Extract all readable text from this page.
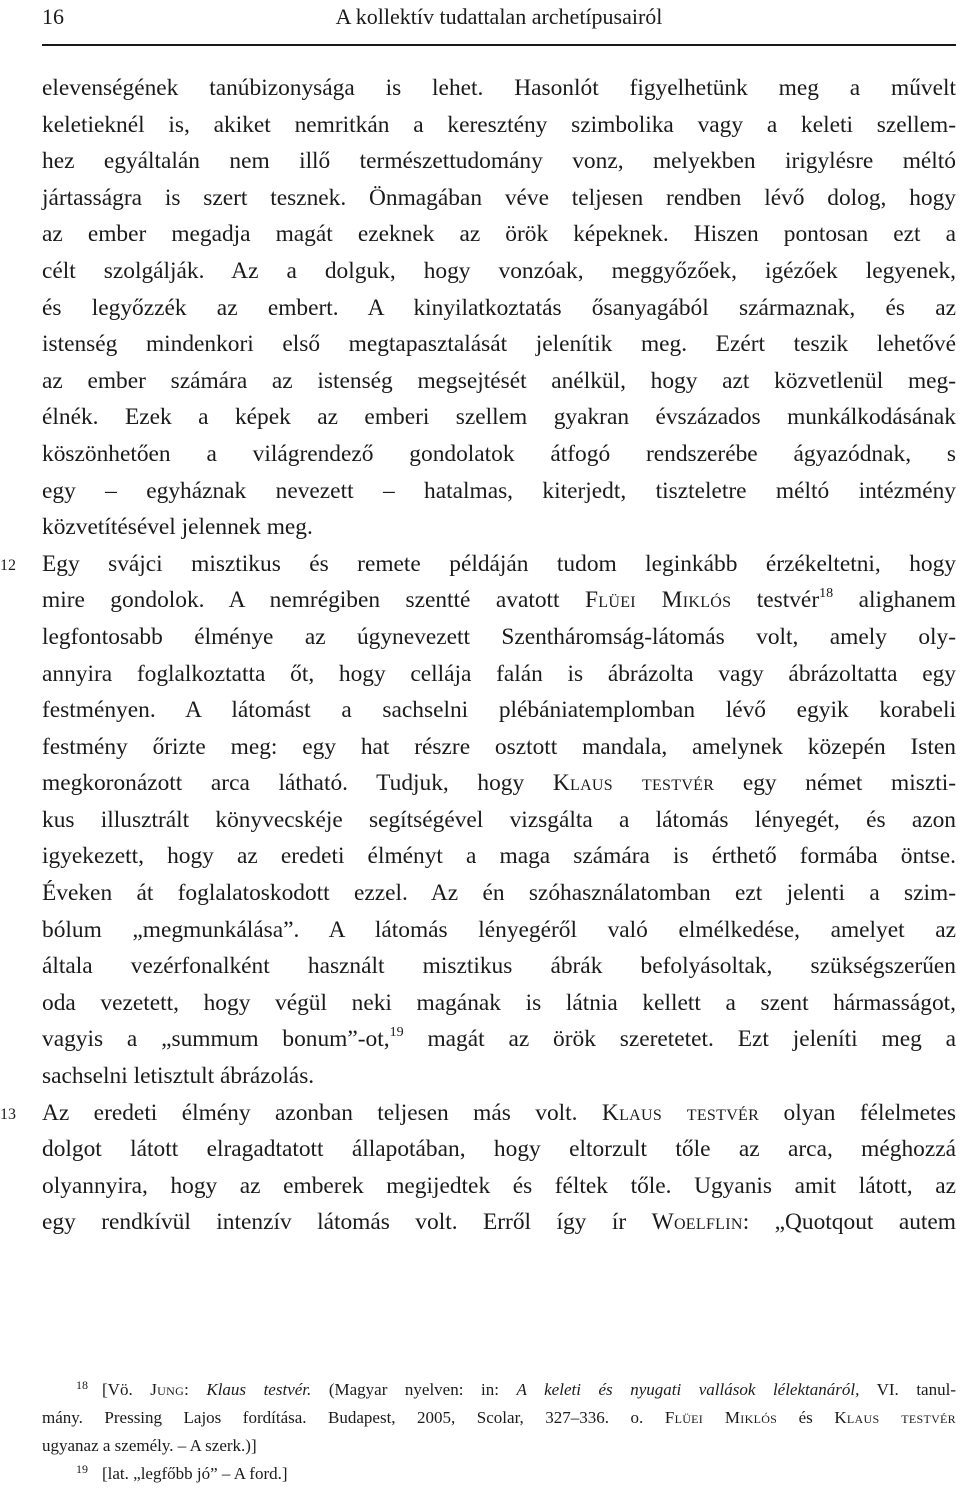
16	A kollektív tudattalan archetípusairól
elevenségének tanúbizonysága is lehet. Hasonlót figyelhetünk meg a művelt
keletieknél is, akiket nemritkán a keresztény szimbolika vagy a keleti szellem-
hez egyáltalán nem illő természettudomány vonz, melyekben irigylésre méltó
jártasságra is szert tesznek. Önmagában véve teljesen rendben lévő dolog, hogy
az ember megadja magát ezeknek az örök képeknek. Hiszen pontosan ezt a
célt szolgálják. Az a dolguk, hogy vonzóak, meggyőzőek, igézőek legyenek,
és legyőzzék az embert. A kinyilatkoztatás ősanyagából származnak, és az
istenség mindenkori első megtapasztalását jelenítik meg. Ezért teszik lehetővé
az ember számára az istenség megsejtését anélkül, hogy azt közvetlenül meg-
élnék. Ezek a képek az emberi szellem gyakran évszázados munkálkodásának
köszönhetően a világrendező gondolatok átfogó rendszerébe ágyazódnak, s
egy – egyháznak nevezett – hatalmas, kiterjedt, tiszteletre méltó intézmény
közvetítésével jelennek meg.
12	Egy svájci misztikus és remete példáján tudom leginkább érzékeltetni, hogy
mire gondolok. A nemrégiben szentté avatott Flüei Miklós testvér$^{18}$ alighanem
legfontosabb élménye az úgynevezett Szentháromság-látomás volt, amely oly-
annyira foglalkoztatta őt, hogy cellája falán is ábrázolta vagy ábrázoltatta egy
festményen. A látomást a sachselni plébániatemplomban lévő egyik korabeli
festmény őrizte meg: egy hat részre osztott mandala, amelynek közepén Isten
megkoronázott arca látható. Tudjuk, hogy Klaus testvér egy német miszti-
kus illusztrált könyvecskéje segítségével vizsgálta a látomás lényegét, és azon
igyekezett, hogy az eredeti élményt a maga számára is érthető formába öntse.
Éveken át foglalatoskodott ezzel. Az én szóhasználatomban ezt jelenti a szim-
bólum „megmunkálása”. A látomás lényegéről való elmélkedése, amelyet az
általa vezérfonalként használt misztikus ábrák befolyásoltak, szükségszerűen
oda vezetett, hogy végül neki magának is látnia kellett a szent hármasságot,
vagyis a „summum bonum”-ot,$^{19}$ magát az örök szeretetet. Ezt jeleníti meg a
sachselni letisztult ábrázolás.
13	Az eredeti élmény azonban teljesen más volt. Klaus testvér olyan félelmetes
dolgot látott elragadtatott állapotában, hogy eltorzult tőle az arca, méghozzá
olyannyira, hogy az emberek megijedtek és féltek tőle. Ugyanis amit látott, az
egy rendkívül intenzív látomás volt. Erről így ír Woelflin: „Quotqout autem
$^{18}$ [Vö. Jung: Klaus testvér. (Magyar nyelven: in: A keleti és nyugati vallások lélektanáról, VI. tanul-
mány. Pressing Lajos fordítása. Budapest, 2005, Scolar, 327–336. o. Flüei Miklós és Klaus testvér
ugyanaz a személy. – A szerk.)]
$^{19}$ [lat. „legfőbb jó” – A ford.]
